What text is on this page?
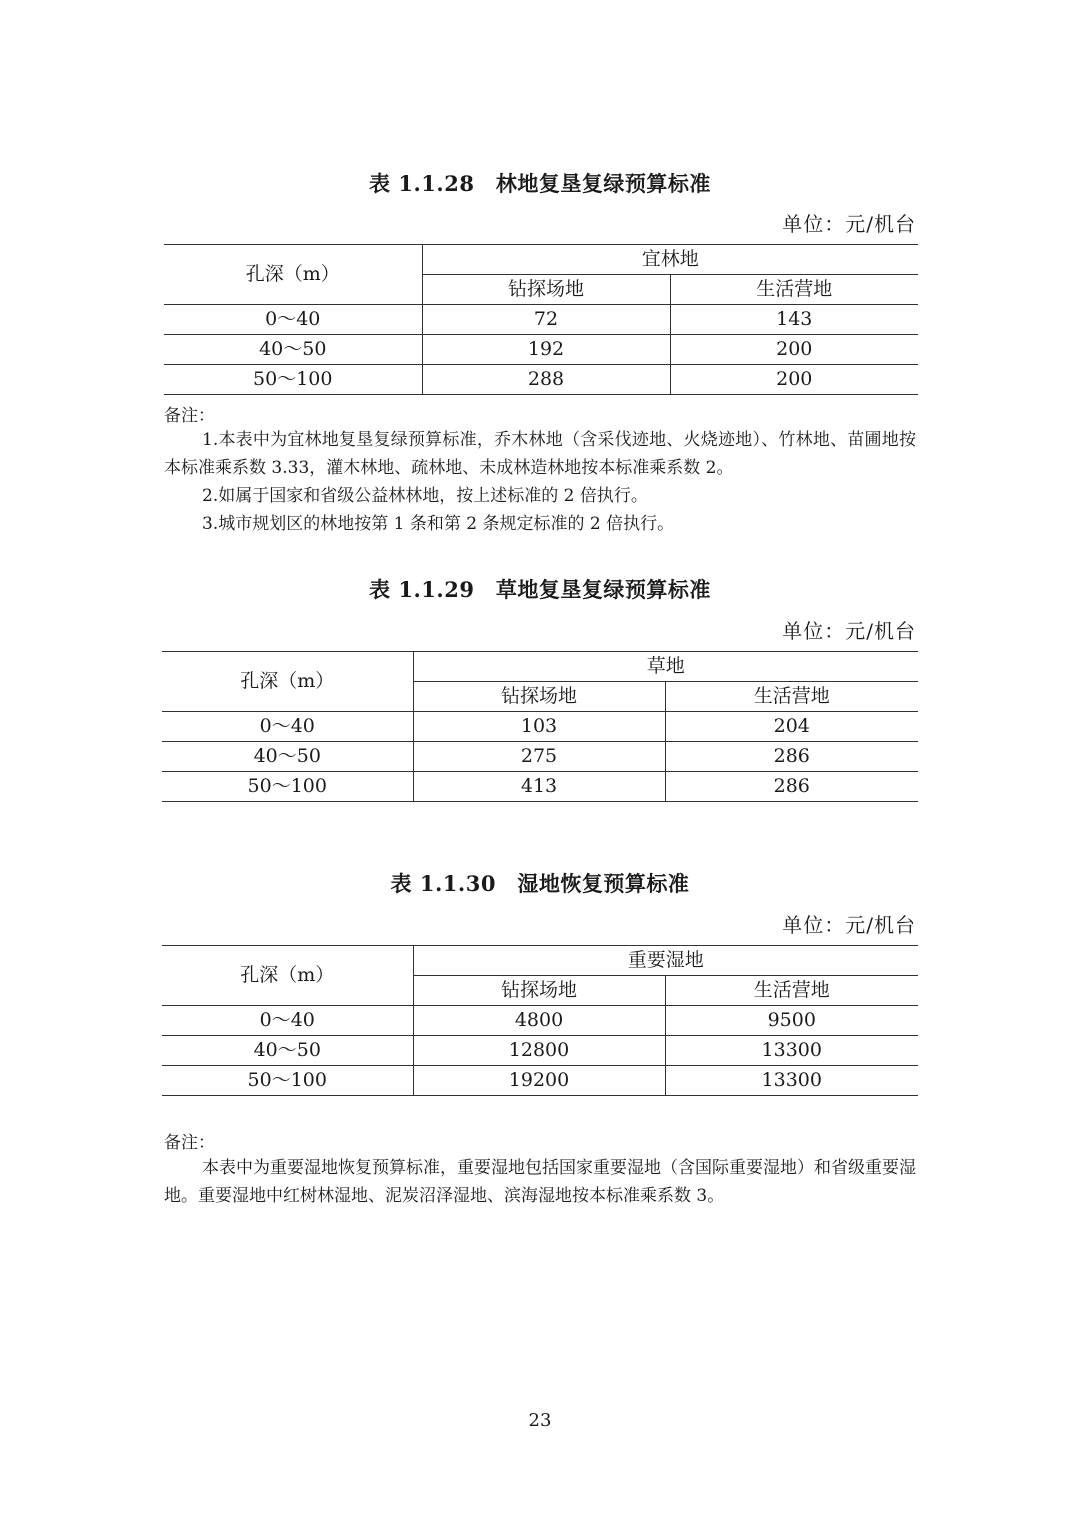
表 1.1.28　林地复垦复绿预算标准
单位：元/机台
孔深（m）	宜林地	
	钻探场地	生活营地
0～40	72	143
40～50	192	200
50～100	288	200
备注：
1.本表中为宜林地复垦复绿预算标准，乔木林地（含采伐迹地、火烧迹地）、竹林地、苗圃地按本标准乘系数 3.33，灌木林地、疏林地、未成林造林地按本标准乘系数 2。
2.如属于国家和省级公益林林地，按上述标准的 2 倍执行。
3.城市规划区的林地按第 1 条和第 2 条规定标准的 2 倍执行。
表 1.1.29　草地复垦复绿预算标准
单位：元/机台
孔深（m）	草地	
	钻探场地	生活营地
0～40	103	204
40～50	275	286
50～100	413	286
表 1.1.30　湿地恢复预算标准
单位：元/机台
孔深（m）	重要湿地	
	钻探场地	生活营地
0～40	4800	9500
40～50	12800	13300
50～100	19200	13300
备注：
本表中为重要湿地恢复预算标准，重要湿地包括国家重要湿地（含国际重要湿地）和省级重要湿地。重要湿地中红树林湿地、泥炭沼泽湿地、滨海湿地按本标准乘系数 3。
23
